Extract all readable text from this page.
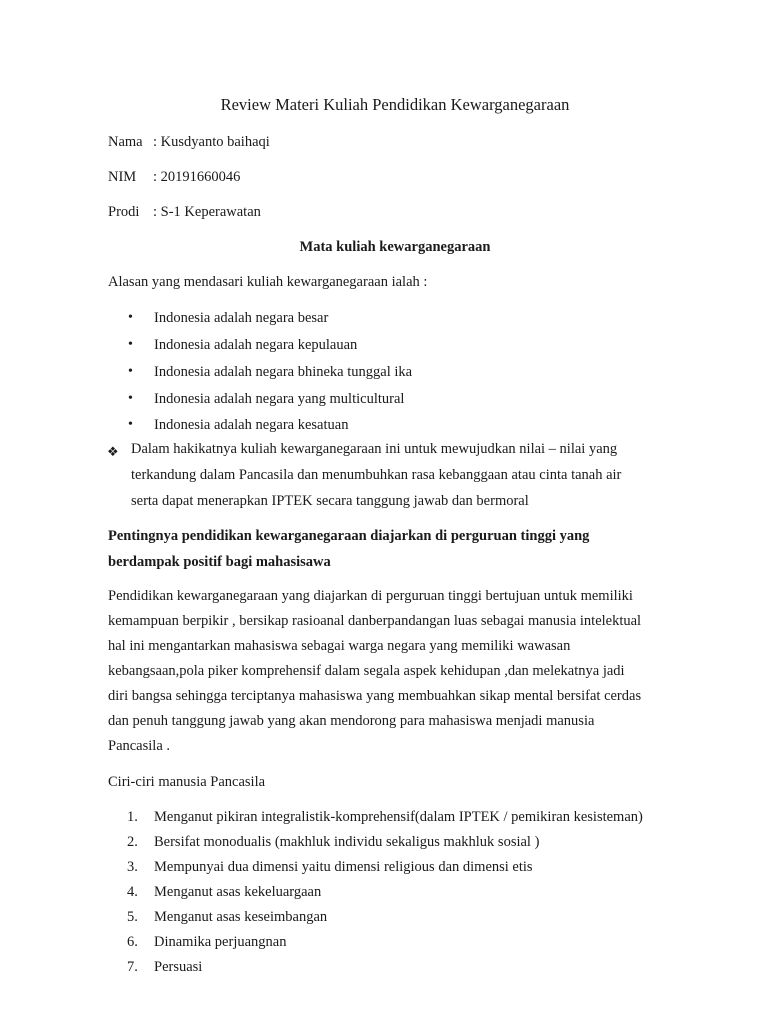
Review Materi Kuliah Pendidikan Kewarganegaraan
Nama : Kusdyanto baihaqi
NIM : 20191660046
Prodi : S-1 Keperawatan
Mata kuliah kewarganegaraan
Alasan yang mendasari kuliah kewarganegaraan ialah :
• Indonesia adalah negara besar
• Indonesia adalah negara kepulauan
• Indonesia adalah negara bhineka tunggal ika
• Indonesia adalah negara yang multicultural
• Indonesia adalah negara kesatuan
❖ Dalam hakikatnya kuliah kewarganegaraan ini untuk mewujudkan nilai – nilai yang
terkandung dalam Pancasila dan menumbuhkan rasa kebanggaan atau cinta tanah air
serta dapat menerapkan IPTEK secara tanggung jawab dan bermoral
Pentingnya pendidikan kewarganegaraan diajarkan di perguruan tinggi yang
berdampak positif bagi mahasisawa
Pendidikan kewarganegaraan yang diajarkan di perguruan tinggi bertujuan untuk memiliki
kemampuan berpikir , bersikap rasioanal danberpandangan luas sebagai manusia intelektual
hal ini mengantarkan mahasiswa sebagai warga negara yang memiliki wawasan
kebangsaan,pola piker komprehensif dalam segala aspek kehidupan ,dan melekatnya jadi
diri bangsa sehingga terciptanya mahasiswa yang membuahkan sikap mental bersifat cerdas
dan penuh tanggung jawab yang akan mendorong para mahasiswa menjadi manusia
Pancasila .
Ciri-ciri manusia Pancasila
1.	Menganut pikiran integralistik-komprehensif(dalam IPTEK / pemikiran kesisteman)
2.	Bersifat monodualis (makhluk individu sekaligus makhluk sosial )
3.	Mempunyai dua dimensi yaitu dimensi religious dan dimensi etis
4.	Menganut asas kekeluargaan
5.	Menganut asas keseimbangan
6.	Dinamika perjuangnan
7.	Persuasi
